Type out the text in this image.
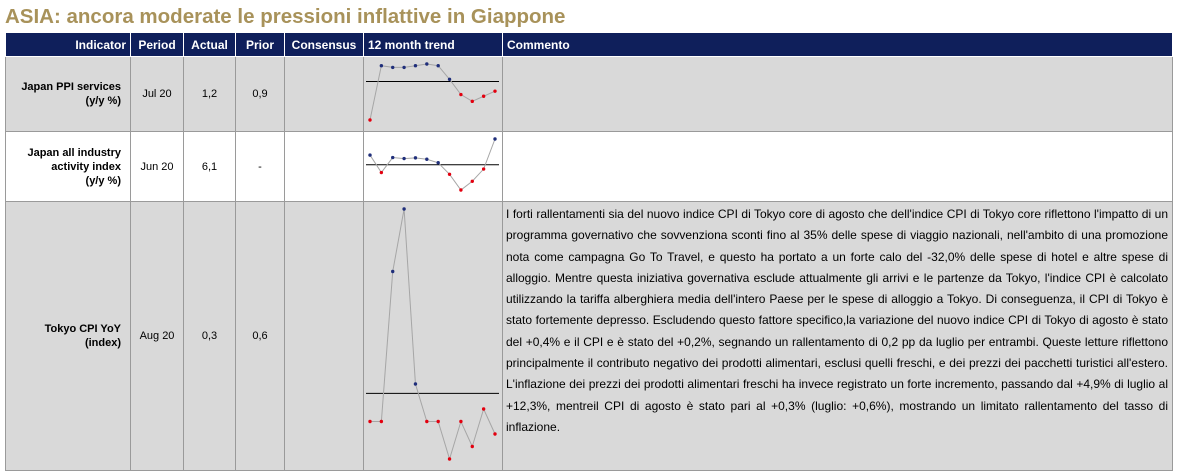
ASIA: ancora moderate le pressioni inflattive in Giappone
Indicator	Period	Actual	Prior	Consensus	12 month trend	Commento

Japan PPI services
(y/y %)	Jul 20	1,2	0,9		

Japan all industry
activity index
(y/y %)	Jun 20	6,1	-		

Tokyo CPI YoY
(index)	Aug 20	0,3	0,6			I forti rallentamenti sia del nuovo indice CPI di Tokyo core di agosto che dell'indice CPI di Tokyo core riflettono l'impatto di un programma governativo che sovvenziona sconti fino al 35% delle spese di viaggio nazionali, nell'ambito di una promozione nota come campagna Go To Travel, e questo ha portato a un forte calo del -32,0% delle spese di hotel e altre spese di alloggio. Mentre questa iniziativa governativa esclude attualmente gli arrivi e le partenze da Tokyo, l'indice CPI è calcolato utilizzando la tariffa alberghiera media dell'intero Paese per le spese di alloggio a Tokyo. Di conseguenza, il CPI di Tokyo è stato fortemente depresso. Escludendo questo fattore specifico,la variazione del nuovo indice CPI di Tokyo di agosto è stato del +0,4% e il CPI e è stato del +0,2%, segnando un rallentamento di 0,2 pp da luglio per entrambi. Queste letture riflettono principalmente il contributo negativo dei prodotti alimentari, esclusi quelli freschi, e dei prezzi dei pacchetti turistici all'estero. L'inflazione dei prezzi dei prodotti alimentari freschi ha invece registrato un forte incremento, passando dal +4,9% di luglio al +12,3%, mentreil CPI di agosto è stato pari al +0,3% (luglio: +0,6%), mostrando un limitato rallentamento del tasso di inflazione.
